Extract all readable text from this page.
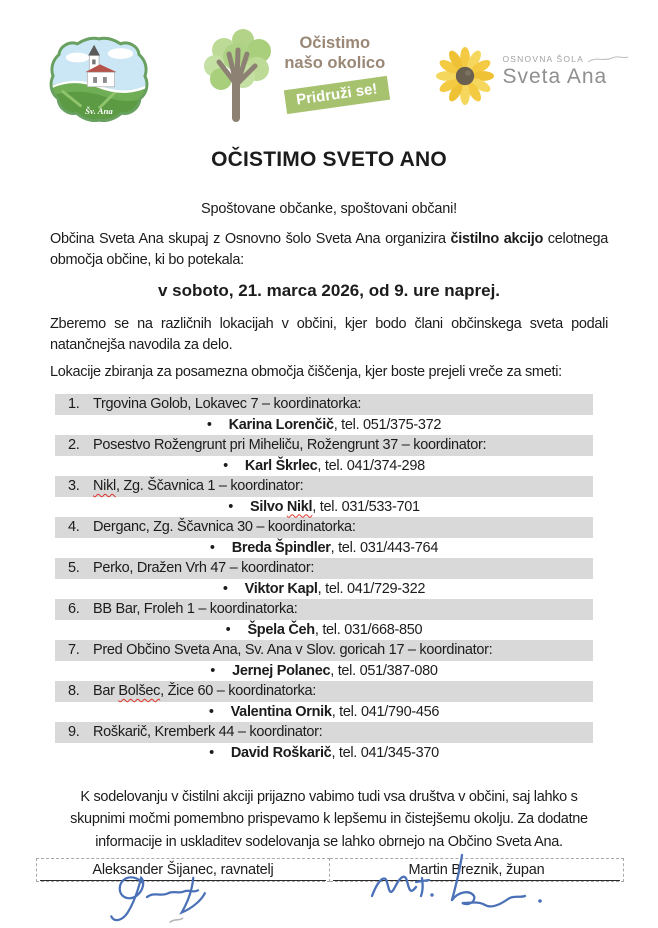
Šv. Ana
Očistimo
našo okolico
Pridruži se!
OSNOVNA ŠOLA
Sveta Ana
OČISTIMO SVETO ANO
Spoštovane občanke, spoštovani občani!

Občina Sveta Ana skupaj z Osnovno šolo Sveta Ana organizira čistilno akcijo celotnega območja občine, ki bo potekala:

v soboto, 21. marca 2026, od 9. ure naprej.

Zberemo se na različnih lokacijah v občini, kjer bodo člani občinskega sveta podali natančnejša navodila za delo.

Lokacije zbiranja za posamezna območja čiščenja, kjer boste prejeli vreče za smeti:
1. Trgovina Golob, Lokavec 7 – koordinatorka:
• Karina Lorenčič , tel. 051/375-372
2. Posestvo Rožengrunt pri Miheliču, Rožengrunt 37 – koordinator:
• Karl Škrlec , tel. 041/374-298
3. Nikl, Zg. Ščavnica 1 – koordinator:
• Silvo Nikl , tel. 031/533-701
4. Derganc, Zg. Ščavnica 30 – koordinatorka:
• Breda Špindler , tel. 031/443-764
5. Perko, Dražen Vrh 47 – koordinator:
• Viktor Kapl , tel. 041/729-322
6. BB Bar, Froleh 1 – koordinatorka:
• Špela Čeh , tel. 031/668-850
7. Pred Občino Sveta Ana, Sv. Ana v Slov. goricah 17 – koordinator:
• Jernej Polanec , tel. 051/387-080
8. Bar Bolšec, Žice 60 – koordinatorka:
• Valentina Ornik , tel. 041/790-456
9. Roškarič, Kremberk 44 – koordinator:
• David Roškarič , tel. 041/345-370

K sodelovanju v čistilni akciji prijazno vabimo tudi vsa društva v občini, saj lahko s skupnimi močmi pomembno prispevamo k lepšemu in čistejšemu okolju. Za dodatne informacije in uskladitev sodelovanja se lahko obrnejo na Občino Sveta Ana.

Aleksander Šijanec, ravnatelj	Martin Breznik, župan
